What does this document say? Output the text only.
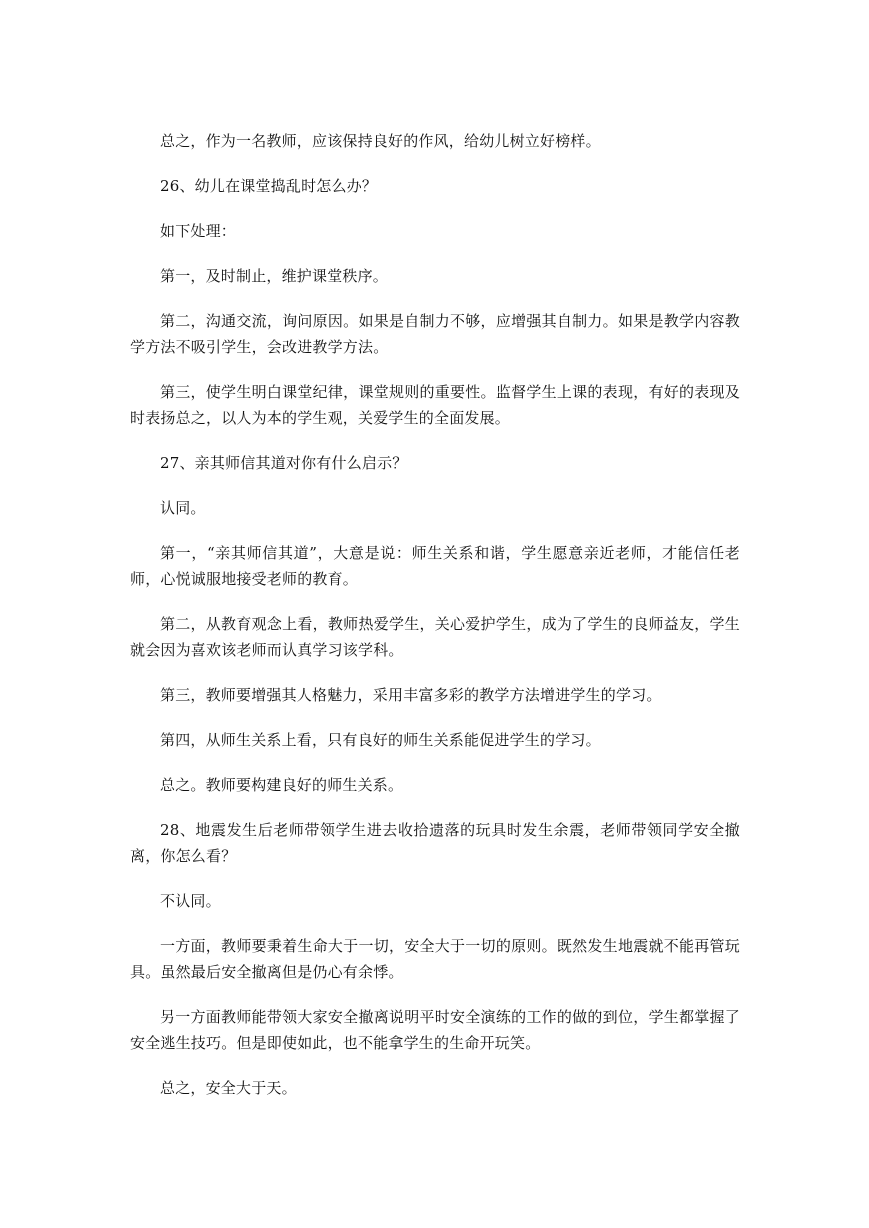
总之，作为一名教师，应该保持良好的作风，给幼儿树立好榜样。

26、幼儿在课堂捣乱时怎么办？

如下处理：

第一，及时制止，维护课堂秩序。

第二，沟通交流，询问原因。如果是自制力不够，应增强其自制力。如果是教学内容教学方法不吸引学生，会改进教学方法。

第三，使学生明白课堂纪律，课堂规则的重要性。监督学生上课的表现，有好的表现及时表扬总之，以人为本的学生观，关爱学生的全面发展。

27、亲其师信其道对你有什么启示？

认同。

第一，“亲其师信其道”，大意是说：师生关系和谐，学生愿意亲近老师，才能信任老师，心悦诚服地接受老师的教育。

第二，从教育观念上看，教师热爱学生，关心爱护学生，成为了学生的良师益友，学生就会因为喜欢该老师而认真学习该学科。

第三，教师要增强其人格魅力，采用丰富多彩的教学方法增进学生的学习。

第四，从师生关系上看，只有良好的师生关系能促进学生的学习。

总之。教师要构建良好的师生关系。

28、地震发生后老师带领学生进去收拾遗落的玩具时发生余震，老师带领同学安全撤离，你怎么看？

不认同。

一方面，教师要秉着生命大于一切，安全大于一切的原则。既然发生地震就不能再管玩具。虽然最后安全撤离但是仍心有余悸。

另一方面教师能带领大家安全撤离说明平时安全演练的工作的做的到位，学生都掌握了安全逃生技巧。但是即使如此，也不能拿学生的生命开玩笑。

总之，安全大于天。
